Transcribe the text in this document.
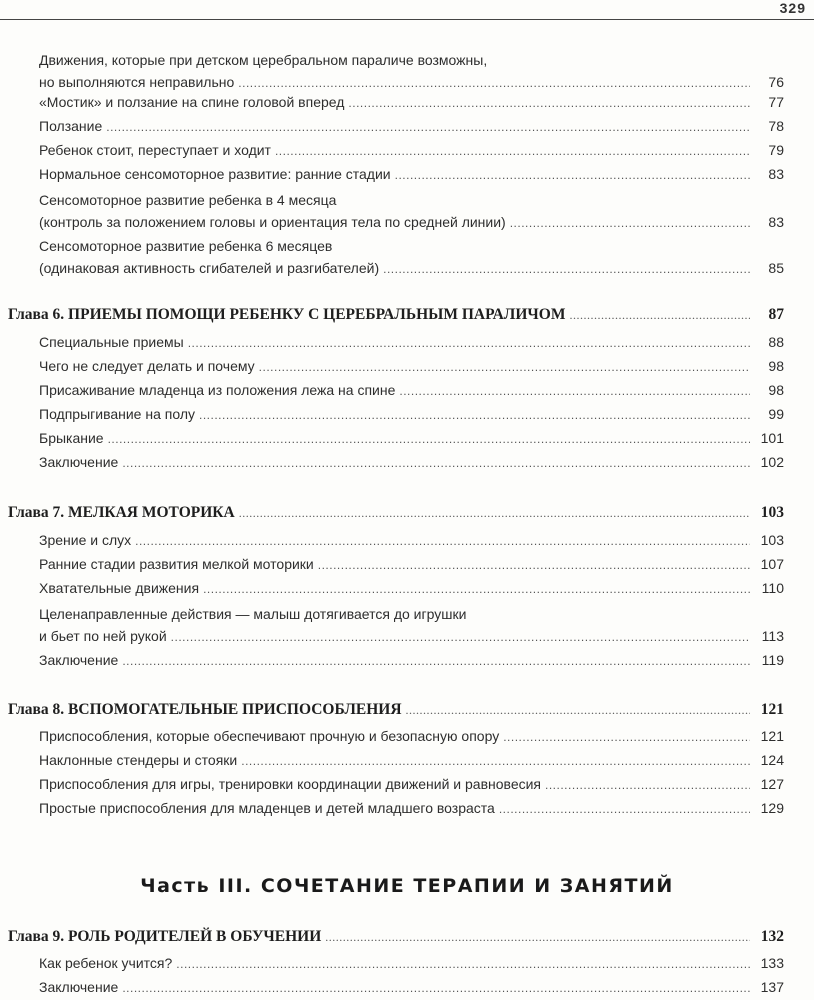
329
Движения, которые при детском церебральном параличе возможны,
но выполняются неправильно .....	76
«Мостик» и ползание на спине головой вперед .....	77
Ползание .....	78
Ребенок стоит, переступает и ходит .....	79
Нормальное сенсомоторное развитие: ранние стадии .....	83
Сенсомоторное развитие ребенка в 4 месяца
(контроль за положением головы и ориентация тела по средней линии) .....	83
Сенсомоторное развитие ребенка 6 месяцев
(одинаковая активность сгибателей и разгибателей) .....	85
Глава 6. ПРИЕМЫ ПОМОЩИ РЕБЕНКУ С ЦЕРЕБРАЛЬНЫМ ПАРАЛИЧОМ .....	87
Специальные приемы .....	88
Чего не следует делать и почему .....	98
Присаживание младенца из положения лежа на спине .....	98
Подпрыгивание на полу .....	99
Брыкание .....	101
Заключение .....	102
Глава 7. МЕЛКАЯ МОТОРИКА .....	103
Зрение и слух .....	103
Ранние стадии развития мелкой моторики .....	107
Хватательные движения .....	110
Целенаправленные действия — малыш дотягивается до игрушки
и бьет по ней рукой .....	113
Заключение .....	119
Глава 8. ВСПОМОГАТЕЛЬНЫЕ ПРИСПОСОБЛЕНИЯ .....	121
Приспособления, которые обеспечивают прочную и безопасную опору .....	121
Наклонные стендеры и стояки .....	124
Приспособления для игры, тренировки координации движений и равновесия .....	127
Простые приспособления для младенцев и детей младшего возраста .....	129
Глава 9. РОЛЬ РОДИТЕЛЕЙ В ОБУЧЕНИИ .....	132
Как ребенок учится? .....	133
Заключение .....	137
Часть III. СОЧЕТАНИЕ ТЕРАПИИ И ЗАНЯТИЙ
